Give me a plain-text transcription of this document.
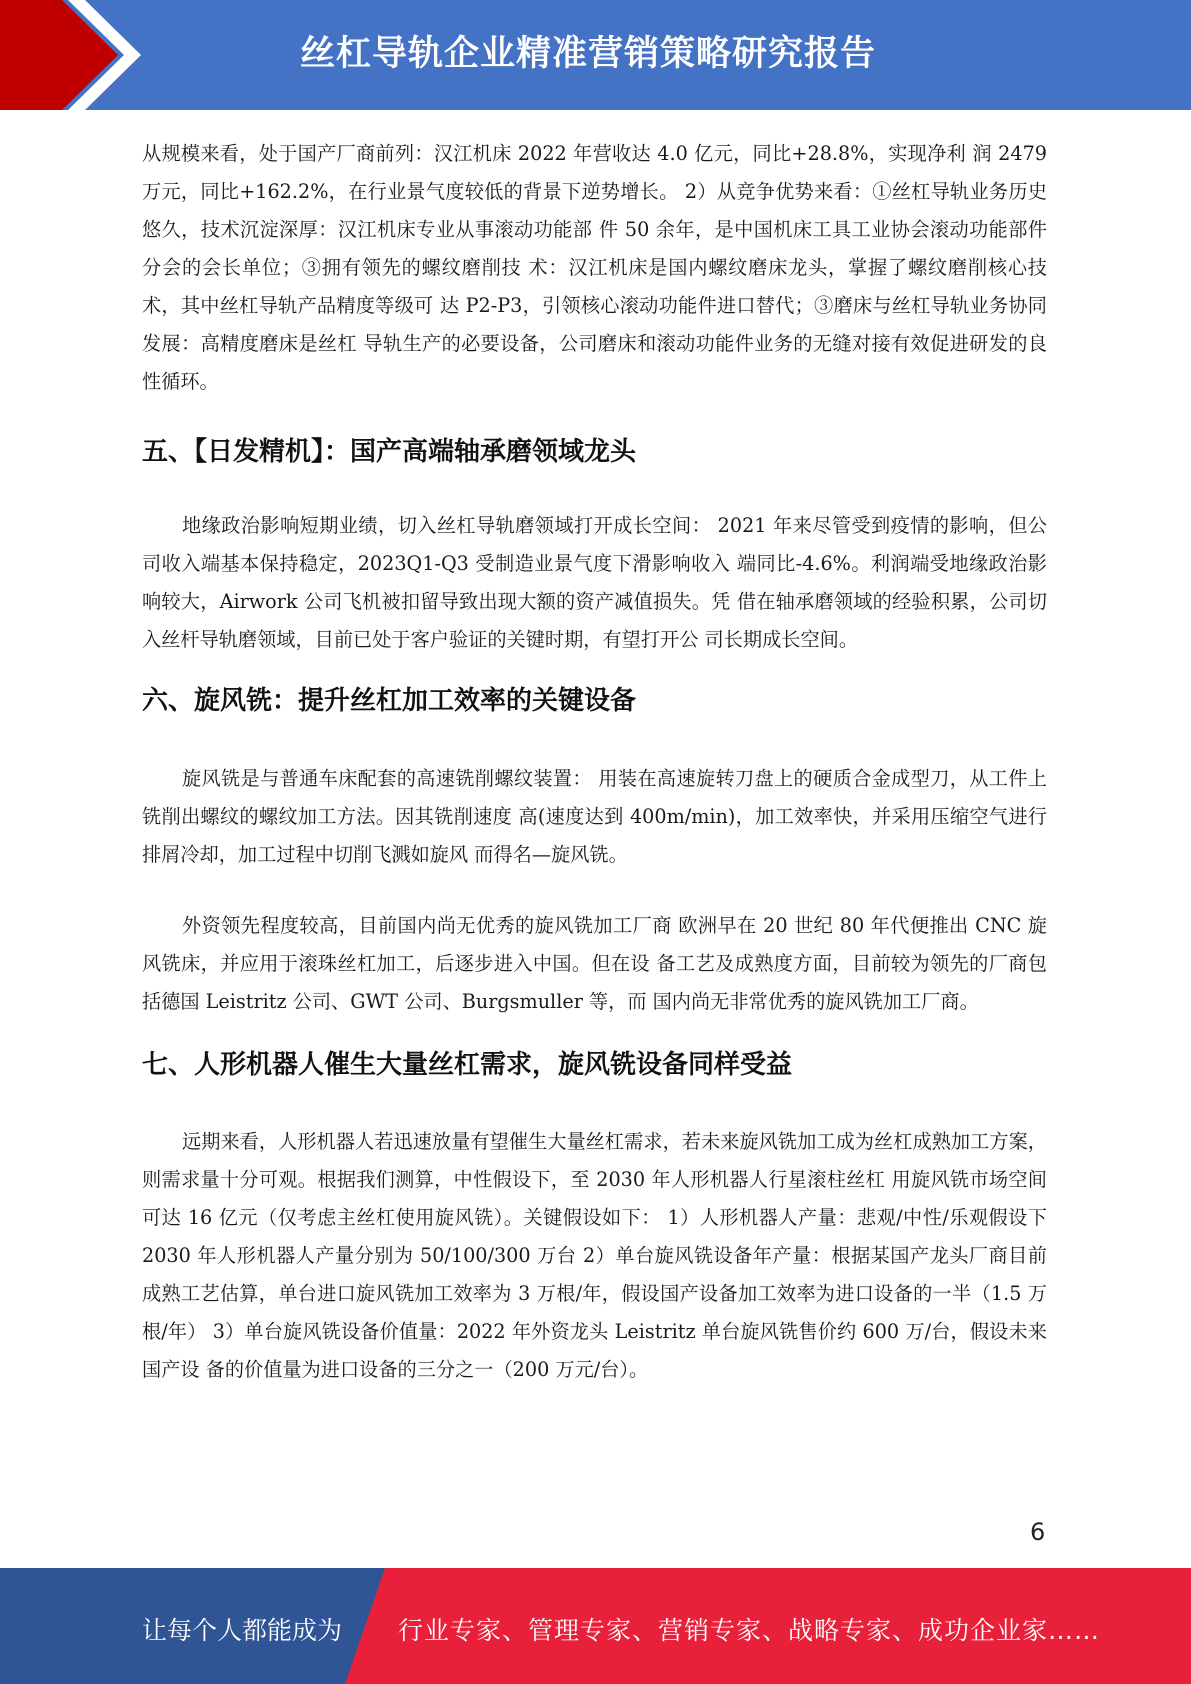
丝杠导轨企业精准营销策略研究报告

从规模来看，处于国产厂商前列：汉江机床 2022 年营收达 4.0 亿元，同比+28.8%，实现净利 润 2479 万元，同比+162.2%，在行业景气度较低的背景下逆势增长。 2）从竞争优势来看：①丝杠导轨业务历史悠久，技术沉淀深厚：汉江机床专业从事滚动功能部 件 50 余年，是中国机床工具工业协会滚动功能部件分会的会长单位；③拥有领先的螺纹磨削技 术：汉江机床是国内螺纹磨床龙头，掌握了螺纹磨削核心技术，其中丝杠导轨产品精度等级可 达 P2-P3，引领核心滚动功能件进口替代；③磨床与丝杠导轨业务协同发展：高精度磨床是丝杠 导轨生产的必要设备，公司磨床和滚动功能件业务的无缝对接有效促进研发的良性循环。

五、【日发精机】：国产高端轴承磨领域龙头

地缘政治影响短期业绩，切入丝杠导轨磨领域打开成长空间： 2021 年来尽管受到疫情的影响，但公司收入端基本保持稳定，2023Q1-Q3 受制造业景气度下滑影响收入 端同比-4.6%。利润端受地缘政治影响较大，Airwork 公司飞机被扣留导致出现大额的资产减值损失。凭 借在轴承磨领域的经验积累，公司切入丝杆导轨磨领域，目前已处于客户验证的关键时期，有望打开公 司长期成长空间。

六、旋风铣：提升丝杠加工效率的关键设备

旋风铣是与普通车床配套的高速铣削螺纹装置： 用装在高速旋转刀盘上的硬质合金成型刀，从工件上铣削出螺纹的螺纹加工方法。因其铣削速度 高(速度达到 400m/min)，加工效率快，并采用压缩空气进行排屑冷却，加工过程中切削飞溅如旋风 而得名—旋风铣。

外资领先程度较高，目前国内尚无优秀的旋风铣加工厂商 欧洲早在 20 世纪 80 年代便推出 CNC 旋风铣床，并应用于滚珠丝杠加工，后逐步进入中国。但在设 备工艺及成熟度方面，目前较为领先的厂商包括德国 Leistritz 公司、GWT 公司、Burgsmuller 等，而 国内尚无非常优秀的旋风铣加工厂商。

七、人形机器人催生大量丝杠需求，旋风铣设备同样受益

远期来看，人形机器人若迅速放量有望催生大量丝杠需求，若未来旋风铣加工成为丝杠成熟加工方案，则需求量十分可观。根据我们测算，中性假设下，至 2030 年人形机器人行星滚柱丝杠 用旋风铣市场空间可达 16 亿元（仅考虑主丝杠使用旋风铣）。关键假设如下： 1）人形机器人产量：悲观/中性/乐观假设下 2030 年人形机器人产量分别为 50/100/300 万台 2）单台旋风铣设备年产量：根据某国产龙头厂商目前成熟工艺估算，单台进口旋风铣加工效率为 3 万根/年，假设国产设备加工效率为进口设备的一半（1.5 万根/年） 3）单台旋风铣设备价值量：2022 年外资龙头 Leistritz 单台旋风铣售价约 600 万/台，假设未来国产设 备的价值量为进口设备的三分之一（200 万元/台）。

6
让每个人都能成为 行业专家、管理专家、营销专家、战略专家、成功企业家……
